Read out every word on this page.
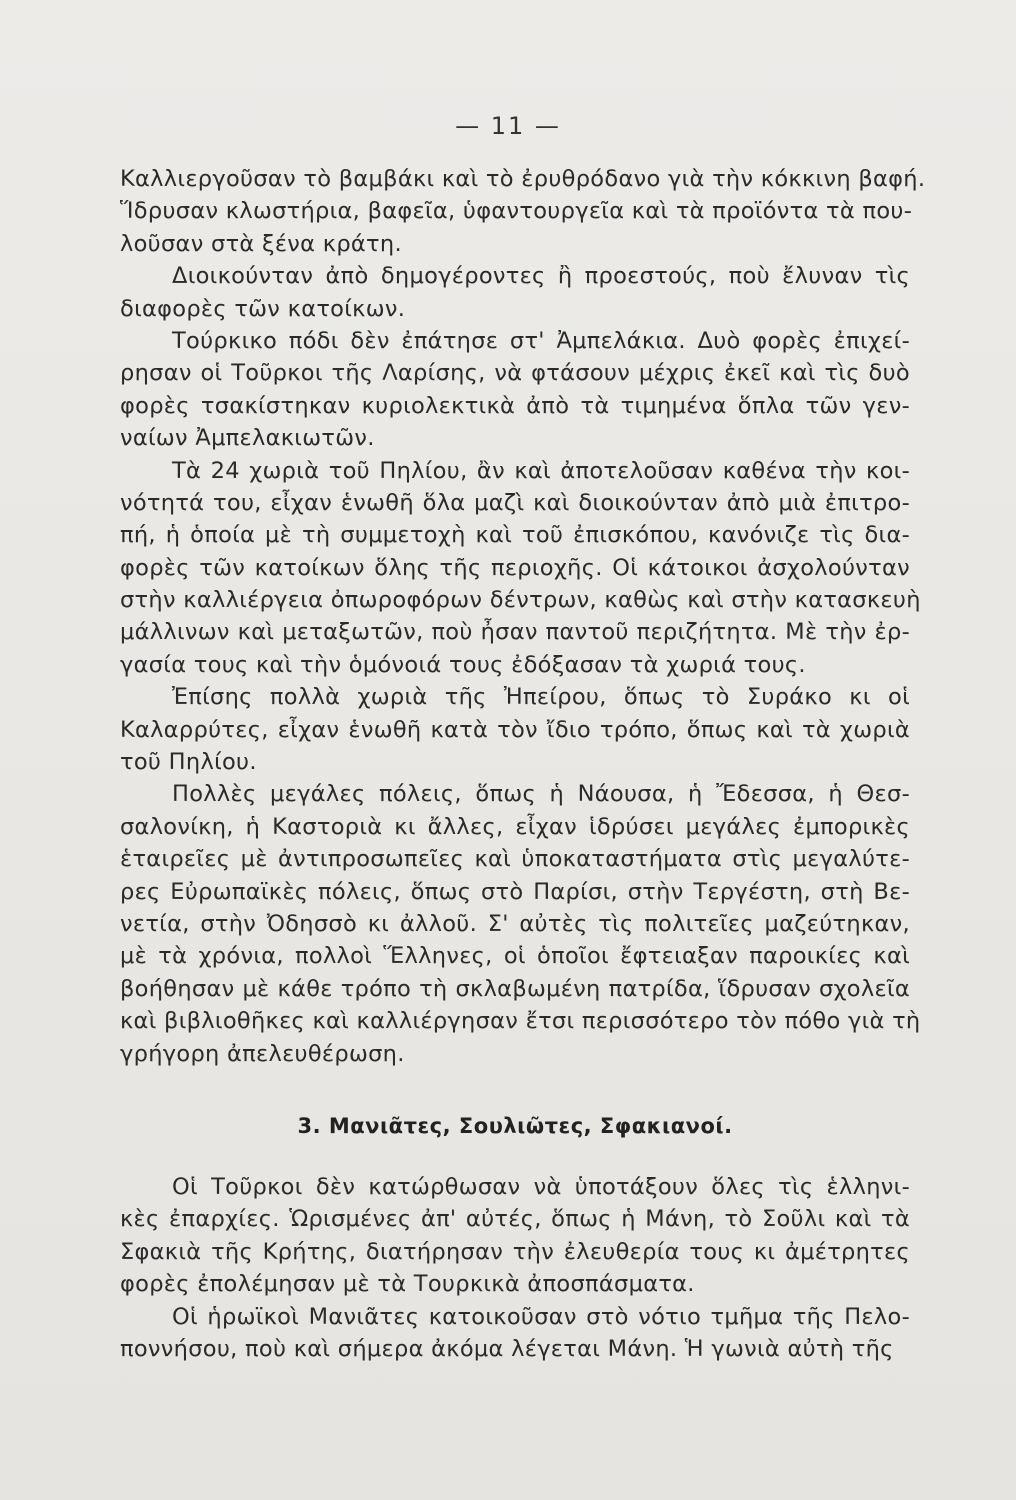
— 11 —
Καλλιεργοῦσαν τὸ βαμβάκι καὶ τὸ ἐρυθρόδανο γιὰ τὴν κόκκινη βαφή.
Ἵδρυσαν κλωστήρια, βαφεῖα, ὑφαντουργεῖα καὶ τὰ προϊόντα τὰ που-
λοῦσαν στὰ ξένα κράτη.
Διοικούνταν ἀπὸ δημογέροντες ἢ προεστούς, ποὺ ἔλυναν τὶς
διαφορὲς τῶν κατοίκων.
Τούρκικο πόδι δὲν ἐπάτησε στ' Ἀμπελάκια. Δυὸ φορὲς ἐπιχεί-
ρησαν οἱ Τοῦρκοι τῆς Λαρίσης, νὰ φτάσουν μέχρις ἐκεῖ καὶ τὶς δυὸ
φορὲς τσακίστηκαν κυριολεκτικὰ ἀπὸ τὰ τιμημένα ὅπλα τῶν γεν-
ναίων Ἀμπελακιωτῶν.
Τὰ 24 χωριὰ τοῦ Πηλίου, ἂν καὶ ἀποτελοῦσαν καθένα τὴν κοι-
νότητά του, εἶχαν ἑνωθῆ ὅλα μαζὶ καὶ διοικούνταν ἀπὸ μιὰ ἐπιτρο-
πή, ἡ ὁποία μὲ τὴ συμμετοχὴ καὶ τοῦ ἐπισκόπου, κανόνιζε τὶς δια-
φορὲς τῶν κατοίκων ὅλης τῆς περιοχῆς. Οἱ κάτοικοι ἀσχολούνταν
στὴν καλλιέργεια ὀπωροφόρων δέντρων, καθὼς καὶ στὴν κατασκευὴ
μάλλινων καὶ μεταξωτῶν, ποὺ ἦσαν παντοῦ περιζήτητα. Μὲ τὴν ἐρ-
γασία τους καὶ τὴν ὁμόνοιά τους ἐδόξασαν τὰ χωριά τους.
Ἐπίσης πολλὰ χωριὰ τῆς Ἠπείρου, ὅπως τὸ Συράκο κι οἱ
Καλαρρύτες, εἶχαν ἑνωθῆ κατὰ τὸν ἴδιο τρόπο, ὅπως καὶ τὰ χωριὰ
τοῦ Πηλίου.
Πολλὲς μεγάλες πόλεις, ὅπως ἡ Νάουσα, ἡ Ἔδεσσα, ἡ Θεσ-
σαλονίκη, ἡ Καστοριὰ κι ἄλλες, εἶχαν ἱδρύσει μεγάλες ἐμπορικὲς
ἑταιρεῖες μὲ ἀντιπροσωπεῖες καὶ ὑποκαταστήματα στὶς μεγαλύτε-
ρες Εὐρωπαϊκὲς πόλεις, ὅπως στὸ Παρίσι, στὴν Τεργέστη, στὴ Βε-
νετία, στὴν Ὀδησσὸ κι ἀλλοῦ. Σ' αὐτὲς τὶς πολιτεῖες μαζεύτηκαν,
μὲ τὰ χρόνια, πολλοὶ Ἕλληνες, οἱ ὁποῖοι ἔφτειαξαν παροικίες καὶ
βοήθησαν μὲ κάθε τρόπο τὴ σκλαβωμένη πατρίδα, ἵδρυσαν σχολεῖα
καὶ βιβλιοθῆκες καὶ καλλιέργησαν ἔτσι περισσότερο τὸν πόθο γιὰ τὴ
γρήγορη ἀπελευθέρωση.
3. Μανιᾶτες, Σουλιῶτες, Σφακιανοί.
Οἱ Τοῦρκοι δὲν κατώρθωσαν νὰ ὑποτάξουν ὅλες τὶς ἑλληνι-
κὲς ἐπαρχίες. Ὡρισμένες ἀπ' αὐτές, ὅπως ἡ Μάνη, τὸ Σοῦλι καὶ τὰ
Σφακιὰ τῆς Κρήτης, διατήρησαν τὴν ἐλευθερία τους κι ἀμέτρητες
φορὲς ἐπολέμησαν μὲ τὰ Τουρκικὰ ἀποσπάσματα.
Οἱ ἡρωϊκοὶ Μανιᾶτες κατοικοῦσαν στὸ νότιο τμῆμα τῆς Πελο-
ποννήσου, ποὺ καὶ σήμερα ἀκόμα λέγεται Μάνη. Ἡ γωνιὰ αὐτὴ τῆς
